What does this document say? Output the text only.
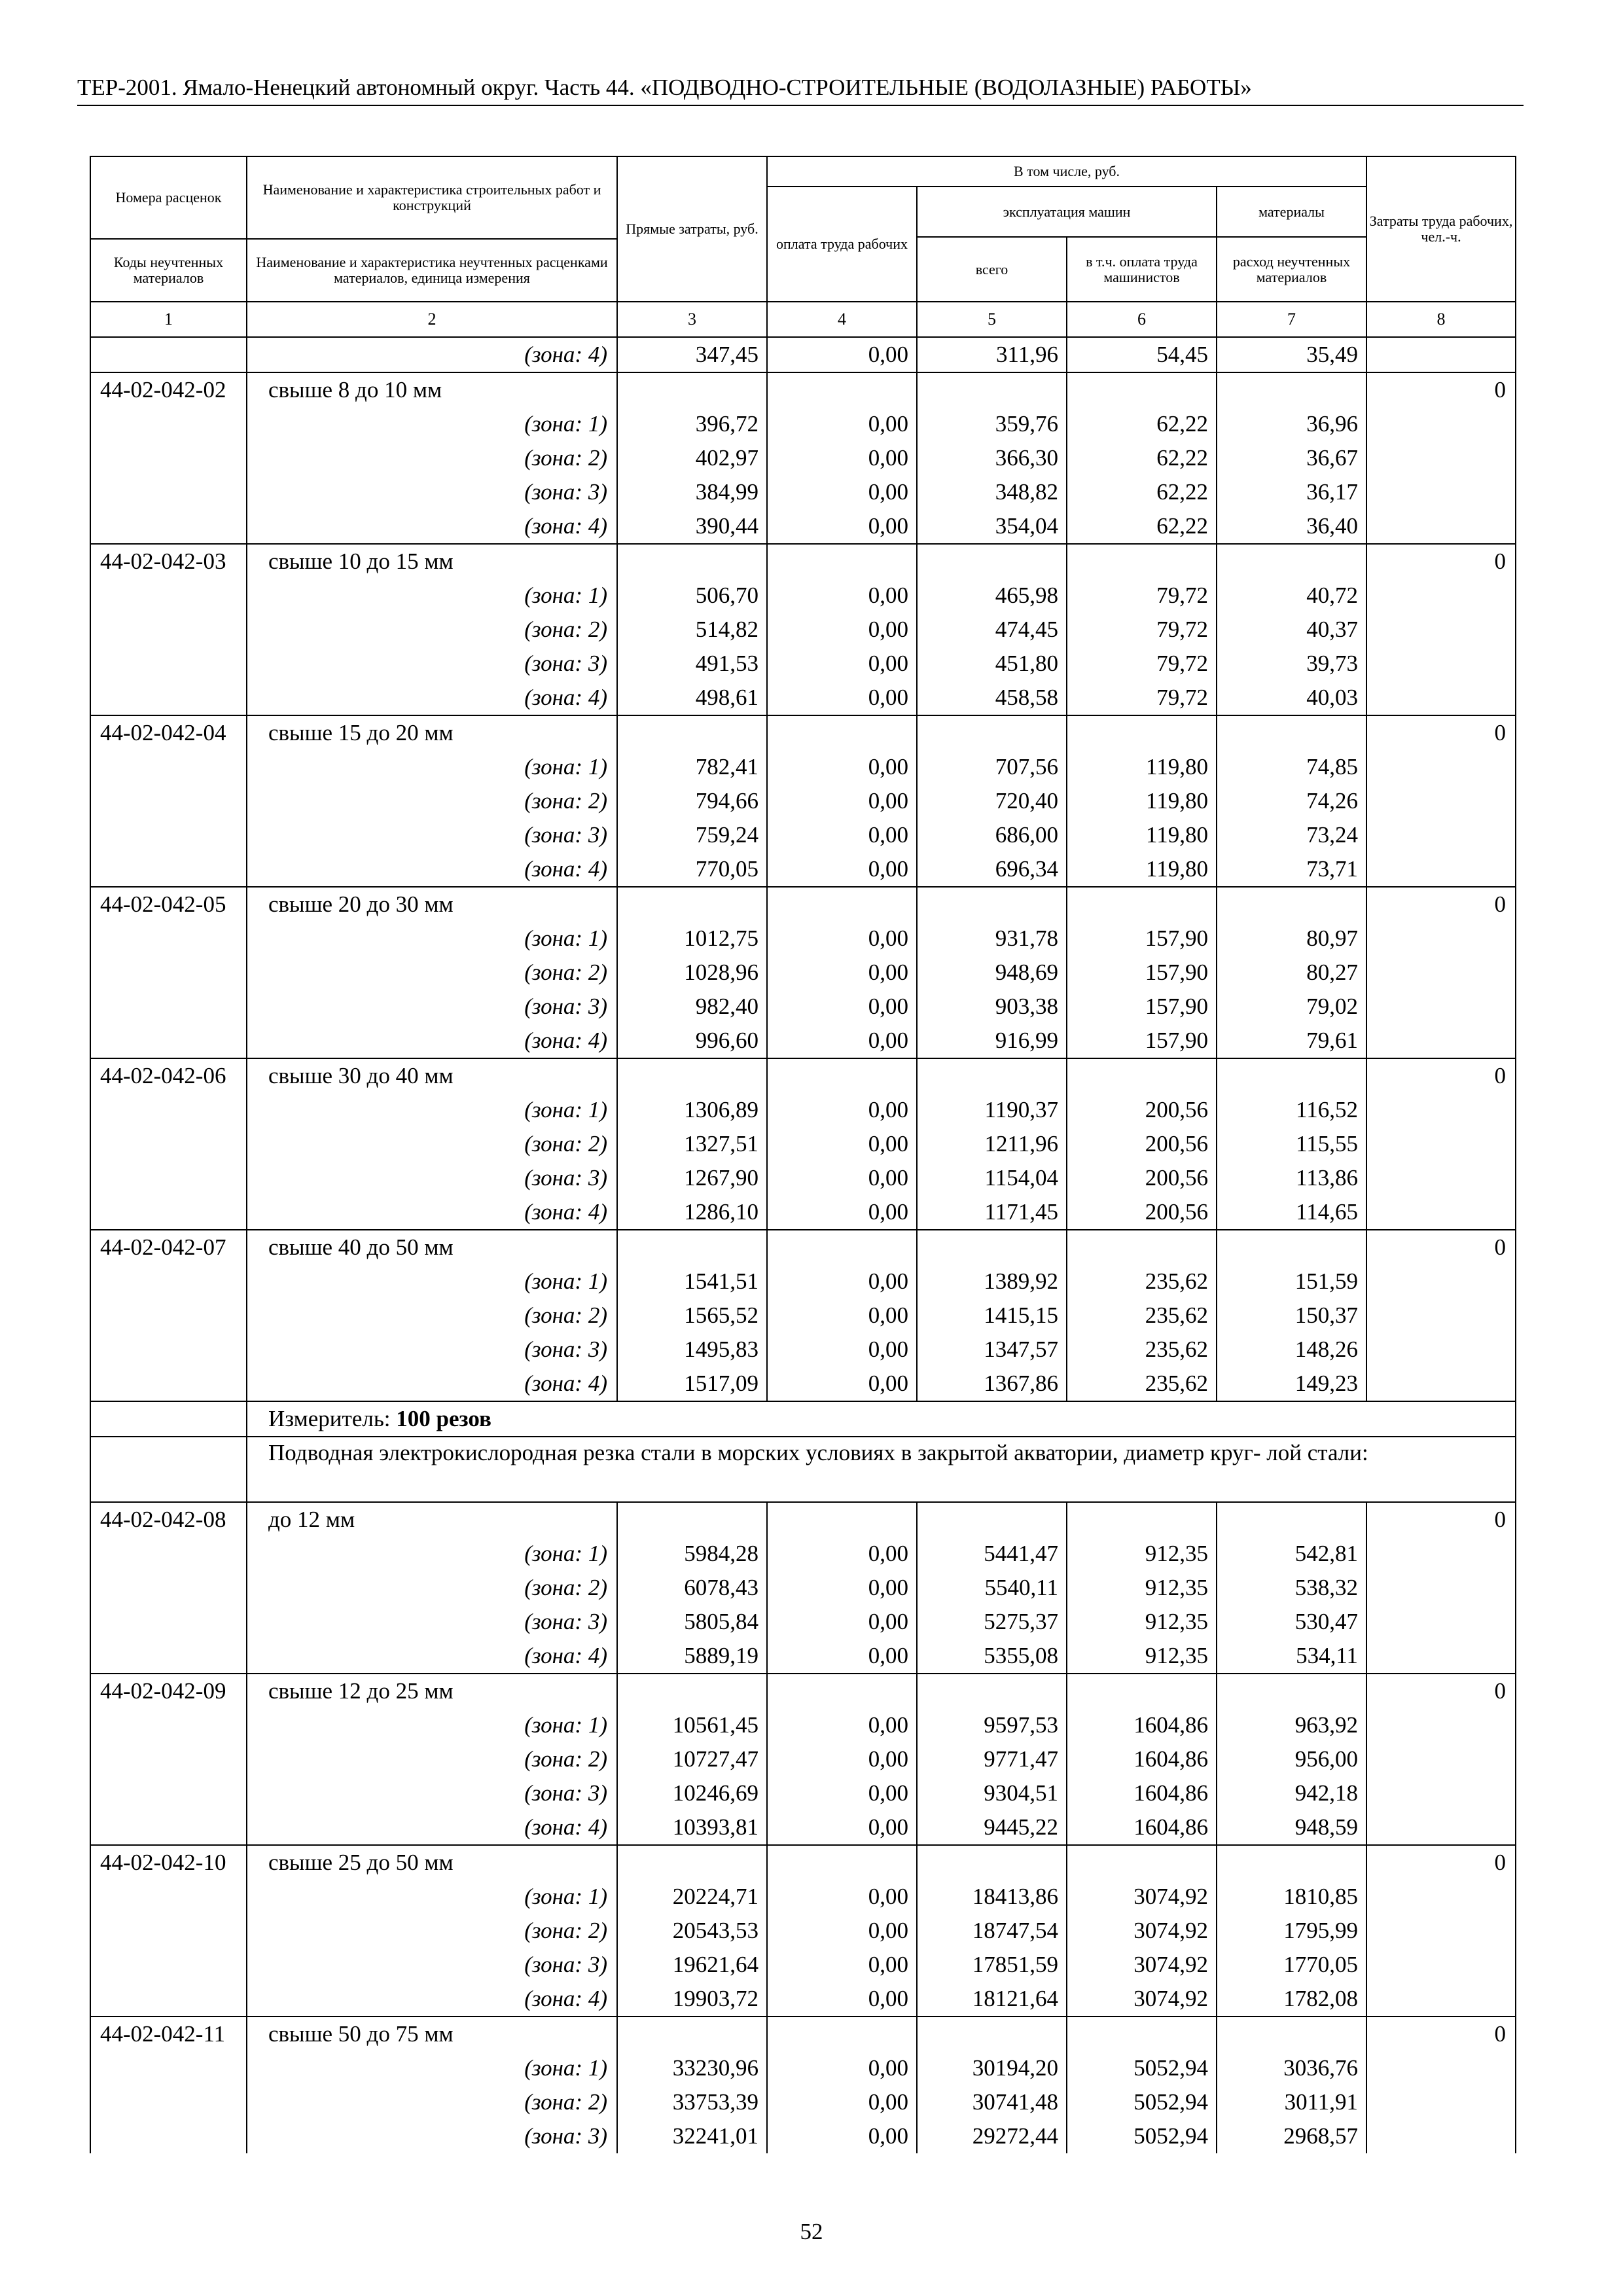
ТЕР-2001. Ямало-Ненецкий автономный округ. Часть 44. «ПОДВОДНО-СТРОИТЕЛЬНЫЕ (ВОДОЛАЗНЫЕ) РАБОТЫ»
Номера расценок	Наименование и характеристика строительных работ и конструкций	Прямые затраты, руб.	В том числе, руб.				Затраты труда рабочих, чел.-ч.
			оплата труда рабочих	эксплуатация машин		материалы	
				всего	в т.ч. оплата труда машинистов	расход неучтенных материалов	
Коды неучтенных материалов	Наименование и характеристика неучтенных расценками материалов, единица измерения						

1	2	3	4	5	6	7	8
	(зона: 4)	347,45	0,00	311,96	54,45	35,49	
44-02-042-02	свыше 8 до 10 мм						0
	(зона: 1)	396,72	0,00	359,76	62,22	36,96	
	(зона: 2)	402,97	0,00	366,30	62,22	36,67	
	(зона: 3)	384,99	0,00	348,82	62,22	36,17	
	(зона: 4)	390,44	0,00	354,04	62,22	36,40	
44-02-042-03	свыше 10 до 15 мм						0
	(зона: 1)	506,70	0,00	465,98	79,72	40,72	
	(зона: 2)	514,82	0,00	474,45	79,72	40,37	
	(зона: 3)	491,53	0,00	451,80	79,72	39,73	
	(зона: 4)	498,61	0,00	458,58	79,72	40,03	
44-02-042-04	свыше 15 до 20 мм						0
	(зона: 1)	782,41	0,00	707,56	119,80	74,85	
	(зона: 2)	794,66	0,00	720,40	119,80	74,26	
	(зона: 3)	759,24	0,00	686,00	119,80	73,24	
	(зона: 4)	770,05	0,00	696,34	119,80	73,71	
44-02-042-05	свыше 20 до 30 мм						0
	(зона: 1)	1012,75	0,00	931,78	157,90	80,97	
	(зона: 2)	1028,96	0,00	948,69	157,90	80,27	
	(зона: 3)	982,40	0,00	903,38	157,90	79,02	
	(зона: 4)	996,60	0,00	916,99	157,90	79,61	
44-02-042-06	свыше 30 до 40 мм						0
	(зона: 1)	1306,89	0,00	1190,37	200,56	116,52	
	(зона: 2)	1327,51	0,00	1211,96	200,56	115,55	
	(зона: 3)	1267,90	0,00	1154,04	200,56	113,86	
	(зона: 4)	1286,10	0,00	1171,45	200,56	114,65	
44-02-042-07	свыше 40 до 50 мм						0
	(зона: 1)	1541,51	0,00	1389,92	235,62	151,59	
	(зона: 2)	1565,52	0,00	1415,15	235,62	150,37	
	(зона: 3)	1495,83	0,00	1347,57	235,62	148,26	
	(зона: 4)	1517,09	0,00	1367,86	235,62	149,23	
	Измеритель: 100 резов						
	Подводная электрокислородная резка стали в морских условиях в закрытой акватории, диаметр круг- лой стали:						
44-02-042-08	до 12 мм						0
	(зона: 1)	5984,28	0,00	5441,47	912,35	542,81	
	(зона: 2)	6078,43	0,00	5540,11	912,35	538,32	
	(зона: 3)	5805,84	0,00	5275,37	912,35	530,47	
	(зона: 4)	5889,19	0,00	5355,08	912,35	534,11	
44-02-042-09	свыше 12 до 25 мм						0
	(зона: 1)	10561,45	0,00	9597,53	1604,86	963,92	
	(зона: 2)	10727,47	0,00	9771,47	1604,86	956,00	
	(зона: 3)	10246,69	0,00	9304,51	1604,86	942,18	
	(зона: 4)	10393,81	0,00	9445,22	1604,86	948,59	
44-02-042-10	свыше 25 до 50 мм						0
	(зона: 1)	20224,71	0,00	18413,86	3074,92	1810,85	
	(зона: 2)	20543,53	0,00	18747,54	3074,92	1795,99	
	(зона: 3)	19621,64	0,00	17851,59	3074,92	1770,05	
	(зона: 4)	19903,72	0,00	18121,64	3074,92	1782,08	
44-02-042-11	свыше 50 до 75 мм						0
	(зона: 1)	33230,96	0,00	30194,20	5052,94	3036,76	
	(зона: 2)	33753,39	0,00	30741,48	5052,94	3011,91	
	(зона: 3)	32241,01	0,00	29272,44	5052,94	2968,57	
52
